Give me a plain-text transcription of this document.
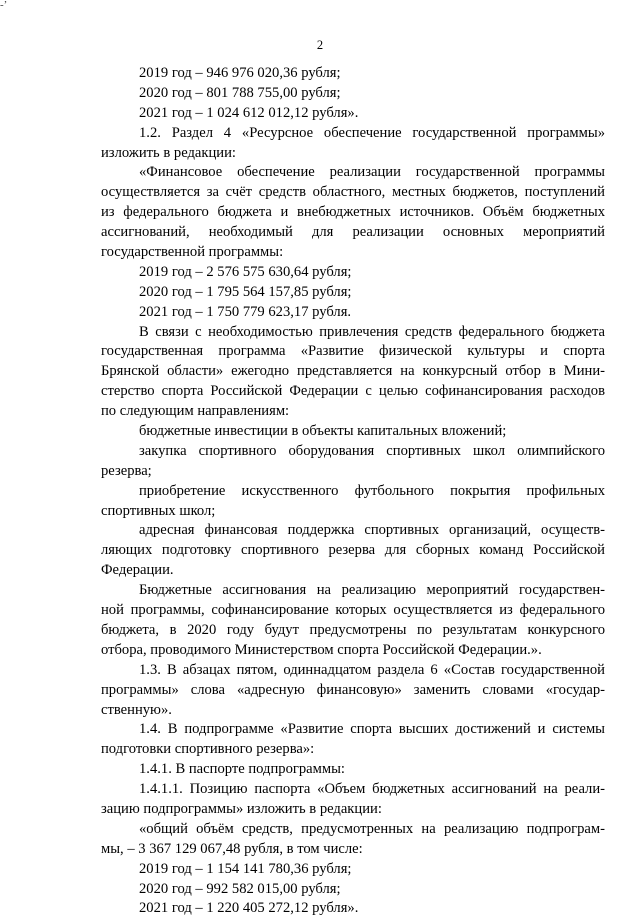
-’
2
2019 год – 946 976 020,36 рубля;
2020 год – 801 788 755,00 рубля;
2021 год – 1 024 612 012,12 рубля».
1.2. Раздел 4 «Ресурсное обеспечение государственной программы»
изложить в редакции:
«Финансовое обеспечение реализации государственной программы
осуществляется за счёт средств областного, местных бюджетов, поступлений
из федерального бюджета и внебюджетных источников. Объём бюджетных
ассигнований, необходимый для реализации основных мероприятий
государственной программы:
2019 год – 2 576 575 630,64 рубля;
2020 год – 1 795 564 157,85 рубля;
2021 год – 1 750 779 623,17 рубля.
В связи с необходимостью привлечения средств федерального бюджета
государственная программа «Развитие физической культуры и спорта
Брянской области» ежегодно представляется на конкурсный отбор в Мини-
стерство спорта Российской Федерации с целью софинансирования расходов
по следующим направлениям:
бюджетные инвестиции в объекты капитальных вложений;
закупка спортивного оборудования спортивных школ олимпийского
резерва;
приобретение искусственного футбольного покрытия профильных
спортивных школ;
адресная финансовая поддержка спортивных организаций, осуществ-
ляющих подготовку спортивного резерва для сборных команд Российской
Федерации.
Бюджетные ассигнования на реализацию мероприятий государствен-
ной программы, софинансирование которых осуществляется из федерального
бюджета, в 2020 году будут предусмотрены по результатам конкурсного
отбора, проводимого Министерством спорта Российской Федерации.».
1.3. В абзацах пятом, одиннадцатом раздела 6 «Состав государственной
программы» слова «адресную финансовую» заменить словами «государ-
ственную».
1.4. В подпрограмме «Развитие спорта высших достижений и системы
подготовки спортивного резерва»:
1.4.1. В паспорте подпрограммы:
1.4.1.1. Позицию паспорта «Объем бюджетных ассигнований на реали-
зацию подпрограммы» изложить в редакции:
«общий объём средств, предусмотренных на реализацию подпрограм-
мы, – 3 367 129 067,48 рубля, в том числе:
2019 год – 1 154 141 780,36 рубля;
2020 год – 992 582 015,00 рубля;
2021 год – 1 220 405 272,12 рубля».
